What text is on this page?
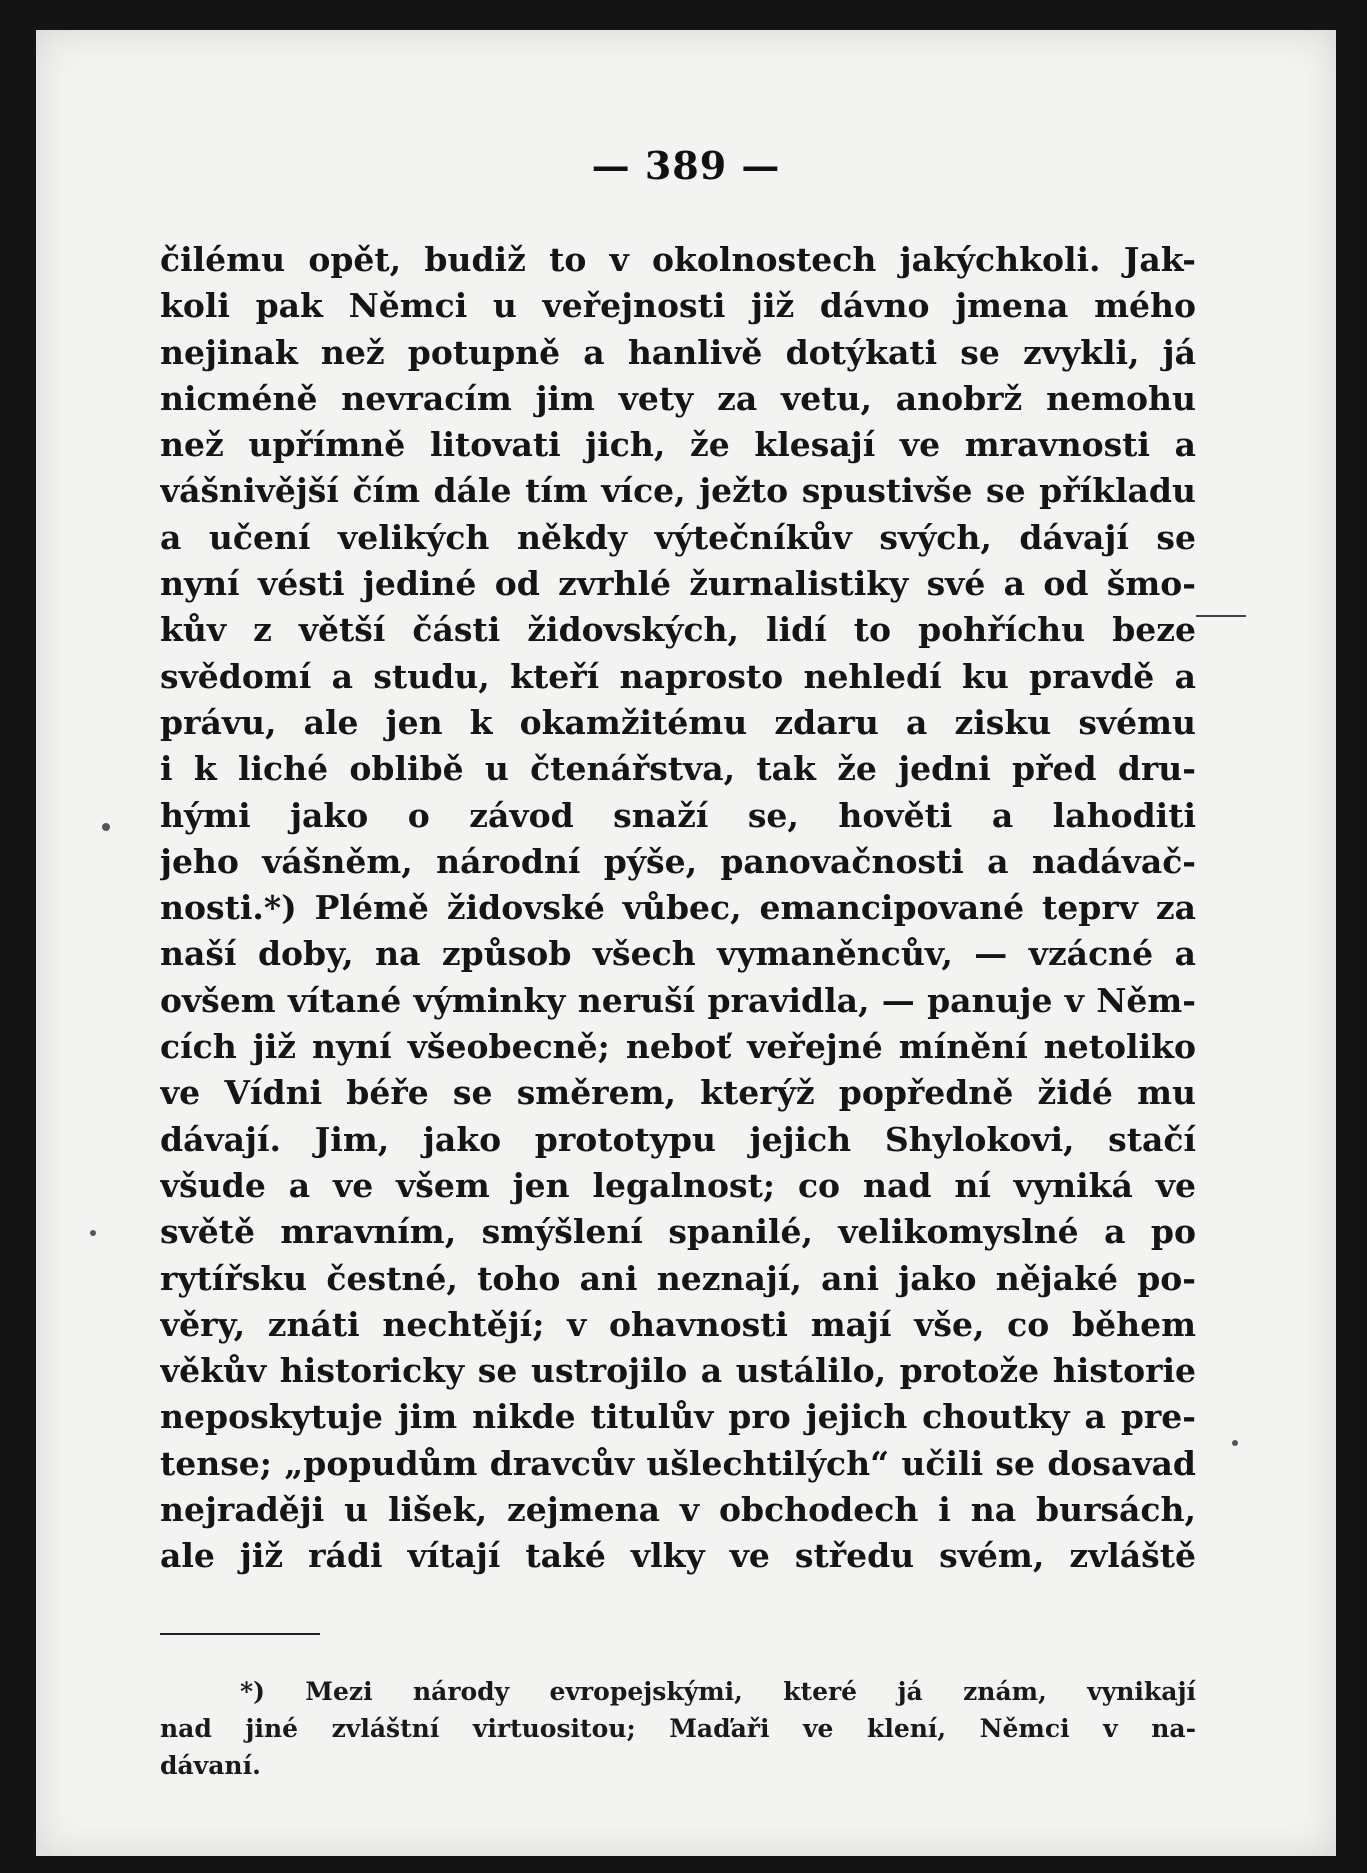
— 389 —
čilému opět, budiž to v okolnostech jakýchkoli. Jak-
koli pak Němci u veřejnosti již dávno jmena mého
nejinak než potupně a hanlivě dotýkati se zvykli, já
nicméně nevracím jim vety za vetu, anobrž nemohu
než upřímně litovati jich, že klesají ve mravnosti a
vášnivější čím dále tím více, ježto spustivše se příkladu
a učení velikých někdy výtečníkův svých, dávají se
nyní vésti jediné od zvrhlé žurnalistiky své a od šmo-
kův z větší části židovských, lidí to pohříchu beze
svědomí a studu, kteří naprosto nehledí ku pravdě a
právu, ale jen k okamžitému zdaru a zisku svému
i k liché oblibě u čtenářstva, tak že jedni před dru-
hými jako o závod snaží se, hověti a lahoditi
jeho vášněm, národní pýše, panovačnosti a nadávač-
nosti.*) Plémě židovské vůbec, emancipované teprv za
naší doby, na způsob všech vymaněncův, — vzácné a
ovšem vítané výminky neruší pravidla, — panuje v Něm-
cích již nyní všeobecně; neboť veřejné mínění netoliko
ve Vídni béře se směrem, kterýž popředně židé mu
dávají. Jim, jako prototypu jejich Shylokovi, stačí
všude a ve všem jen legalnost; co nad ní vyniká ve
světě mravním, smýšlení spanilé, velikomyslné a po
rytířsku čestné, toho ani neznají, ani jako nějaké po-
věry, znáti nechtějí; v ohavnosti mají vše, co během
věkův historicky se ustrojilo a ustálilo, protože historie
neposkytuje jim nikde titulův pro jejich choutky a pre-
tense; „popudům dravcův ušlechtilých“ učili se dosavad
nejraději u lišek, zejmena v obchodech i na bursách,
ale již rádi vítají také vlky ve středu svém, zvláště
*) Mezi národy evropejskými, které já znám, vynikají
nad jiné zvláštní virtuositou; Maďaři ve klení, Němci v na-
dávaní.
